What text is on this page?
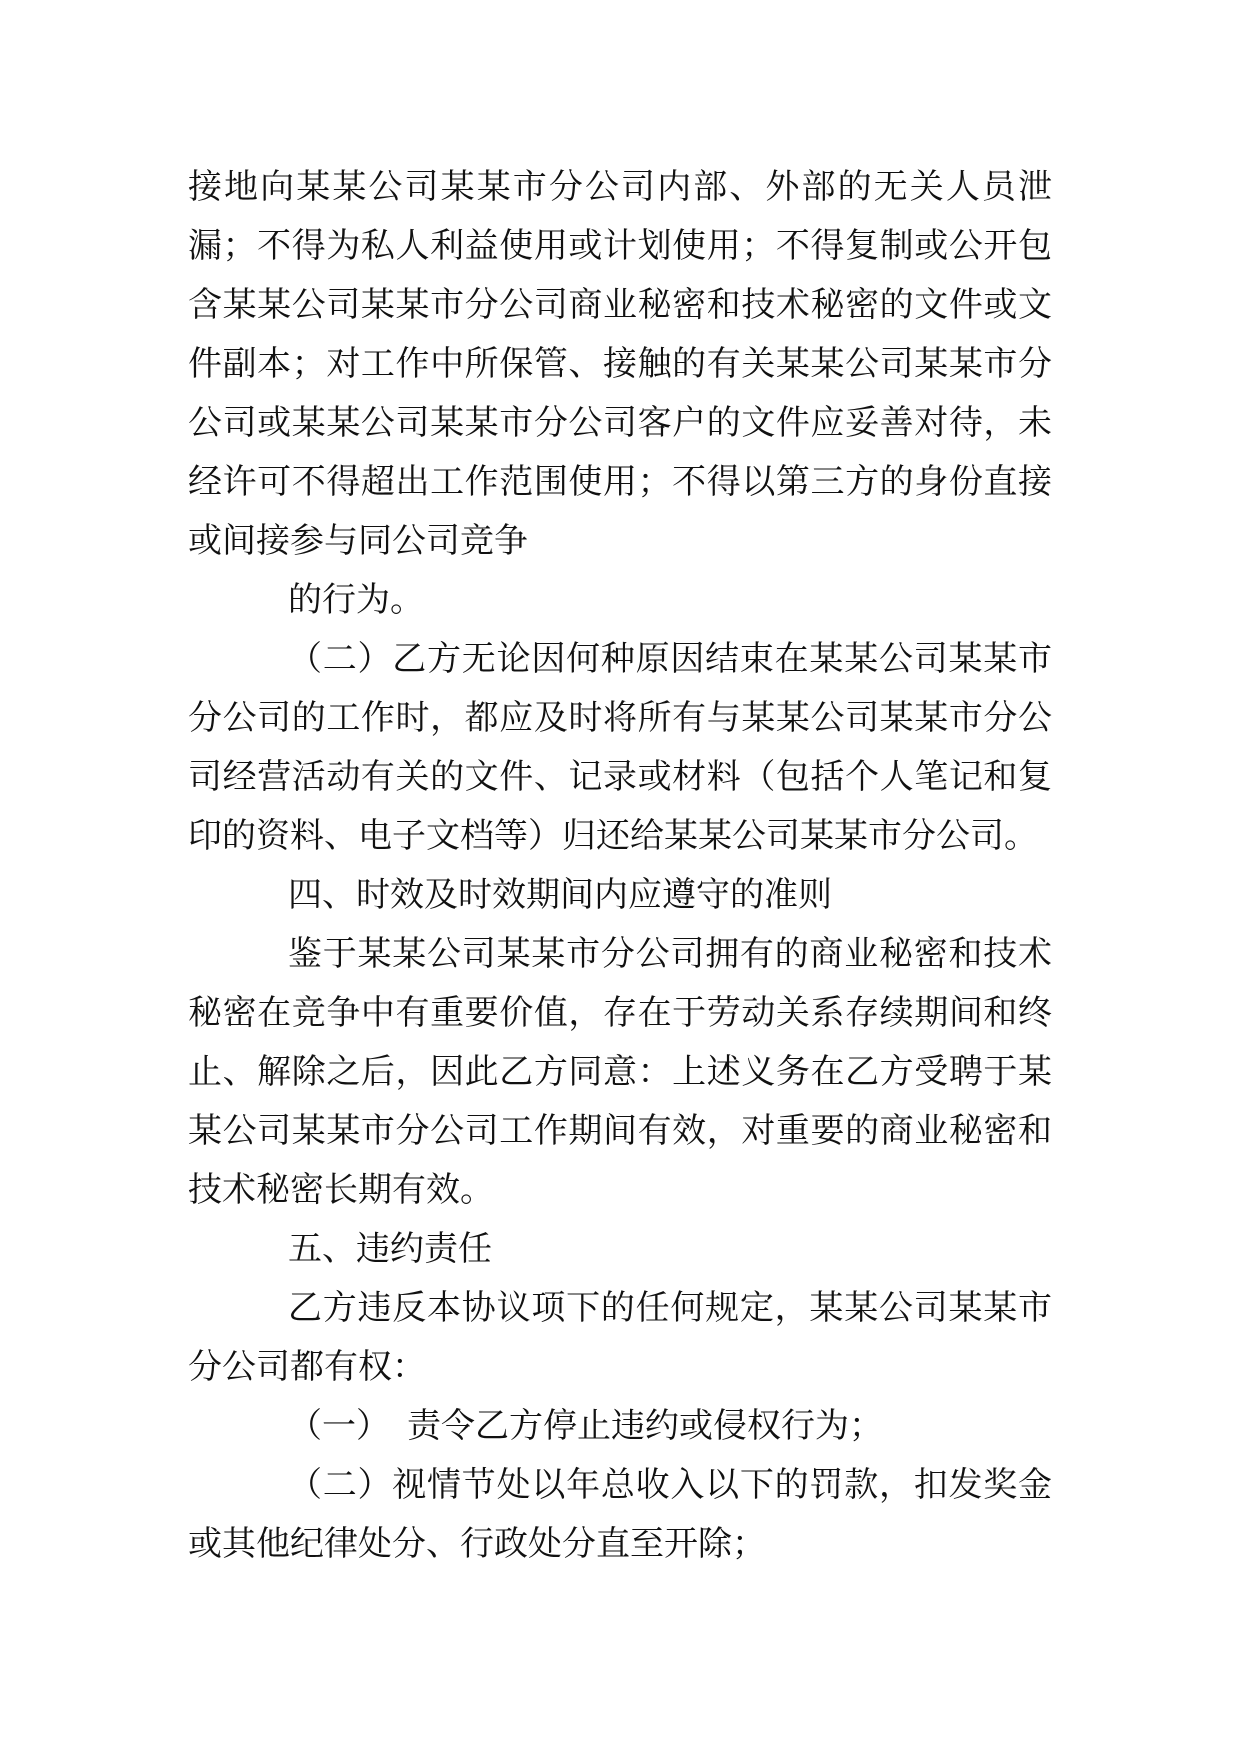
接地向某某公司某某市分公司内部、外部的无关人员泄漏；不得为私人利益使用或计划使用；不得复制或公开包含某某公司某某市分公司商业秘密和技术秘密的文件或文件副本；对工作中所保管、接触的有关某某公司某某市分公司或某某公司某某市分公司客户的文件应妥善对待，未经许可不得超出工作范围使用；不得以第三方的身份直接或间接参与同公司竞争

的行为。

（二）乙方无论因何种原因结束在某某公司某某市分公司的工作时，都应及时将所有与某某公司某某市分公司经营活动有关的文件、记录或材料（包括个人笔记和复印的资料、电子文档等）归还给某某公司某某市分公司。

四、时效及时效期间内应遵守的准则

鉴于某某公司某某市分公司拥有的商业秘密和技术秘密在竞争中有重要价值，存在于劳动关系存续期间和终止、解除之后，因此乙方同意：上述义务在乙方受聘于某某公司某某市分公司工作期间有效，对重要的商业秘密和技术秘密长期有效。

五、违约责任

乙方违反本协议项下的任何规定，某某公司某某市分公司都有权：

（一）　责令乙方停止违约或侵权行为；

（二）视情节处以年总收入以下的罚款，扣发奖金或其他纪律处分、行政处分直至开除；
